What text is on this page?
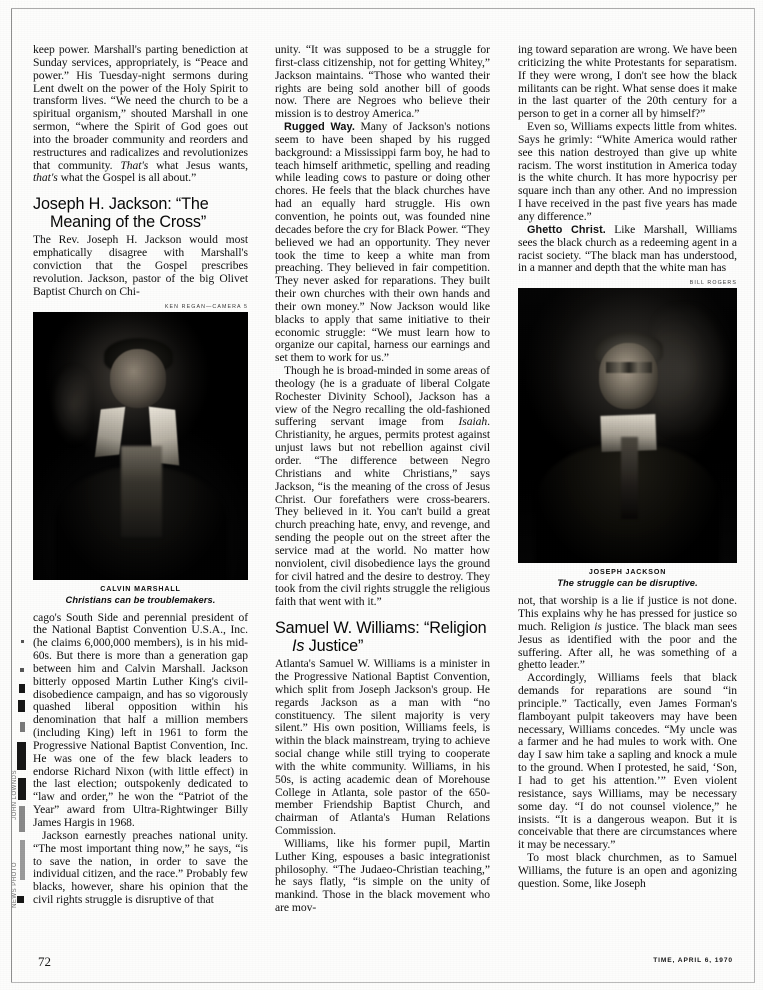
JOHN LOWNDS
NEWS PHOTO

keep power. Marshall's parting benediction at Sunday services, appropriately, is “Peace and power.” His Tuesday-night sermons during Lent dwelt on the power of the Holy Spirit to transform lives. “We need the church to be a spiritual organism,” shouted Marshall in one sermon, “where the Spirit of God goes out into the broader community and reorders and restructures and radicalizes and revolutionizes that community. That's what Jesus wants, that's what the Gospel is all about.”

Joseph H. Jackson: “The
Meaning of the Cross”

The Rev. Joseph H. Jackson would most emphatically disagree with Marshall's conviction that the Gospel prescribes revolution. Jackson, pastor of the big Olivet Baptist Church on Chi-

KEN REGAN—CAMERA 5
CALVIN MARSHALL
Christians can be troublemakers.

cago's South Side and perennial president of the National Baptist Convention U.S.A., Inc. (he claims 6,000,000 members), is in his mid-60s. But there is more than a generation gap between him and Calvin Marshall. Jackson bitterly opposed Martin Luther King's civil-disobedience campaign, and has so vigorously quashed liberal opposition within his denomination that half a million members (including King) left in 1961 to form the Progressive National Baptist Convention, Inc. He was one of the few black leaders to endorse Richard Nixon (with little effect) in the last election; outspokenly dedicated to “law and order,” he won the “Patriot of the Year” award from Ultra-Rightwinger Billy James Hargis in 1968.

Jackson earnestly preaches national unity. “The most important thing now,” he says, “is to save the nation, in order to save the individual citizen, and the race.” Probably few blacks, however, share his opinion that the civil rights struggle is disruptive of that

unity. “It was supposed to be a struggle for first-class citizenship, not for getting Whitey,” Jackson maintains. “Those who wanted their rights are being sold another bill of goods now. There are Negroes who believe their mission is to destroy America.”

Rugged Way. Many of Jackson's notions seem to have been shaped by his rugged background: a Mississippi farm boy, he had to teach himself arithmetic, spelling and reading while leading cows to pasture or doing other chores. He feels that the black churches have had an equally hard struggle. His own convention, he points out, was founded nine decades before the cry for Black Power. “They believed we had an opportunity. They never took the time to keep a white man from preaching. They believed in fair competition. They never asked for reparations. They built their own churches with their own hands and their own money.” Now Jackson would like blacks to apply that same initiative to their economic struggle: “We must learn how to organize our capital, harness our earnings and set them to work for us.”

Though he is broad-minded in some areas of theology (he is a graduate of liberal Colgate Rochester Divinity School), Jackson has a view of the Negro recalling the old-fashioned suffering servant image from Isaiah. Christianity, he argues, permits protest against unjust laws but not rebellion against civil order. “The difference between Negro Christians and white Christians,” says Jackson, “is the meaning of the cross of Jesus Christ. Our forefathers were cross-bearers. They believed in it. You can't build a great church preaching hate, envy, and revenge, and sending the people out on the street after the service mad at the world. No matter how nonviolent, civil disobedience lays the ground for civil hatred and the desire to destroy. They took from the civil rights struggle the religious faith that went with it.”

Samuel W. Williams: “Religion
Is Justice”

Atlanta's Samuel W. Williams is a minister in the Progressive National Baptist Convention, which split from Joseph Jackson's group. He regards Jackson as a man with “no constituency. The silent majority is very silent.” His own position, Williams feels, is within the black mainstream, trying to achieve social change while still trying to cooperate with the white community. Williams, in his 50s, is acting academic dean of Morehouse College in Atlanta, sole pastor of the 650-member Friendship Baptist Church, and chairman of Atlanta's Human Relations Commission.

Williams, like his former pupil, Martin Luther King, espouses a basic integrationist philosophy. “The Judaeo-Christian teaching,” he says flatly, “is simple on the unity of mankind. Those in the black movement who are mov-

ing toward separation are wrong. We have been criticizing the white Protestants for separatism. If they were wrong, I don't see how the black militants can be right. What sense does it make in the last quarter of the 20th century for a person to get in a corner all by himself?”

Even so, Williams expects little from whites. Says he grimly: “White America would rather see this nation destroyed than give up white racism. The worst institution in America today is the white church. It has more hypocrisy per square inch than any other. And no impression I have received in the past five years has made any difference.”

Ghetto Christ. Like Marshall, Williams sees the black church as a redeeming agent in a racist society. “The black man has understood, in a manner and depth that the white man has

BILL ROGERS
JOSEPH JACKSON
The struggle can be disruptive.

not, that worship is a lie if justice is not done. This explains why he has pressed for justice so much. Religion is justice. The black man sees Jesus as identified with the poor and the suffering. After all, he was something of a ghetto leader.”

Accordingly, Williams feels that black demands for reparations are sound “in principle.” Tactically, even James Forman's flamboyant pulpit takeovers may have been necessary, Williams concedes. “My uncle was a farmer and he had mules to work with. One day I saw him take a sapling and knock a mule to the ground. When I protested, he said, ‘Son, I had to get his attention.’” Even violent resistance, says Williams, may be necessary some day. “I do not counsel violence,” he insists. “It is a dangerous weapon. But it is conceivable that there are circumstances where it may be necessary.”

To most black churchmen, as to Samuel Williams, the future is an open and agonizing question. Some, like Joseph

72	TIME, APRIL 6, 1970
